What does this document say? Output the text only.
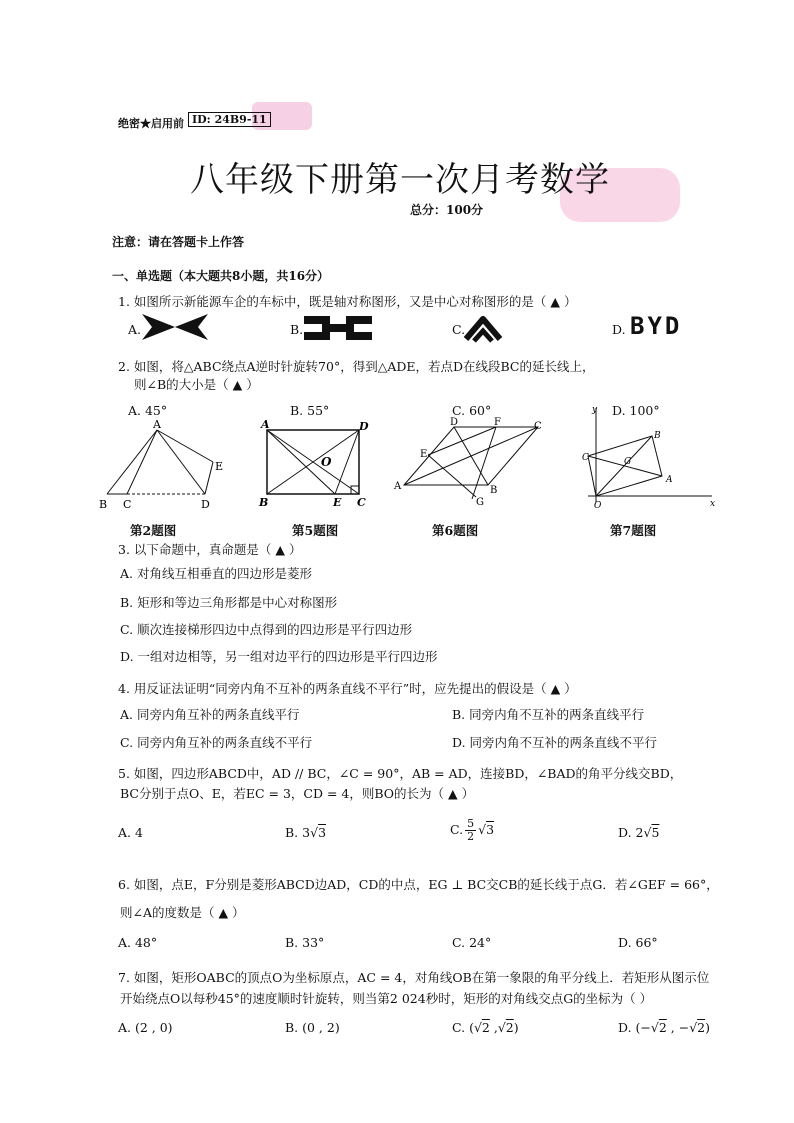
绝密★启用前 ID: 24B9-11
八年级下册第一次月考数学
总分：100分
注意：请在答题卡上作答
一、单选题（本大题共8小题，共16分）
1. 如图所示新能源车企的车标中，既是轴对称图形，又是中心对称图形的是（ ▲ ）
A.	B.	C.	D. BYD
2. 如图，将△ABC绕点A逆时针旋转70°，得到△ADE，若点D在线段BC的延长线上，
则∠B的大小是（ ▲ ）
A. 45°	B. 55°	C. 60°	D. 100°
A
B C	D
E
第2题图
A	D
O
B	E C
第5题图
D	F	C
E
A	B
G
第6题图
y
B
C	G
A
O	x
第7题图
3. 以下命题中，真命题是（ ▲ ）
A. 对角线互相垂直的四边形是菱形
B. 矩形和等边三角形都是中心对称图形
C. 顺次连接梯形四边中点得到的四边形是平行四边形
D. 一组对边相等，另一组对边平行的四边形是平行四边形
4. 用反证法证明“同旁内角不互补的两条直线不平行”时，应先提出的假设是（ ▲ ）
A. 同旁内角互补的两条直线平行	B. 同旁内角不互补的两条直线平行
C. 同旁内角互补的两条直线不平行	D. 同旁内角不互补的两条直线不平行
5. 如图，四边形ABCD中，AD // BC，∠C = 90°，AB = AD，连接BD，∠BAD的角平分线交BD，
BC分别于点O、E，若EC = 3，CD = 4，则BO的长为（ ▲ ）
A. 4	B. 3√3	C. $\frac{5}{2} √3$	D. 2√5
6. 如图，点E，F分别是菱形ABCD边AD，CD的中点，EG ⊥ BC交CB的延长线于点G．若∠GEF = 66°，
则∠A的度数是（ ▲ ）
A. 48°	B. 33°	C. 24°	D. 66°
7. 如图，矩形OABC的顶点O为坐标原点，AC = 4，对角线OB在第一象限的角平分线上．若矩形从图示位
开始绕点O以每秒45°的速度顺时针旋转，则当第2 024秒时，矩形的对角线交点G的坐标为（ ）
A. (2 , 0)	B. (0 , 2)	C. (√2 ,√2)	D. (−√2 , −√2)
